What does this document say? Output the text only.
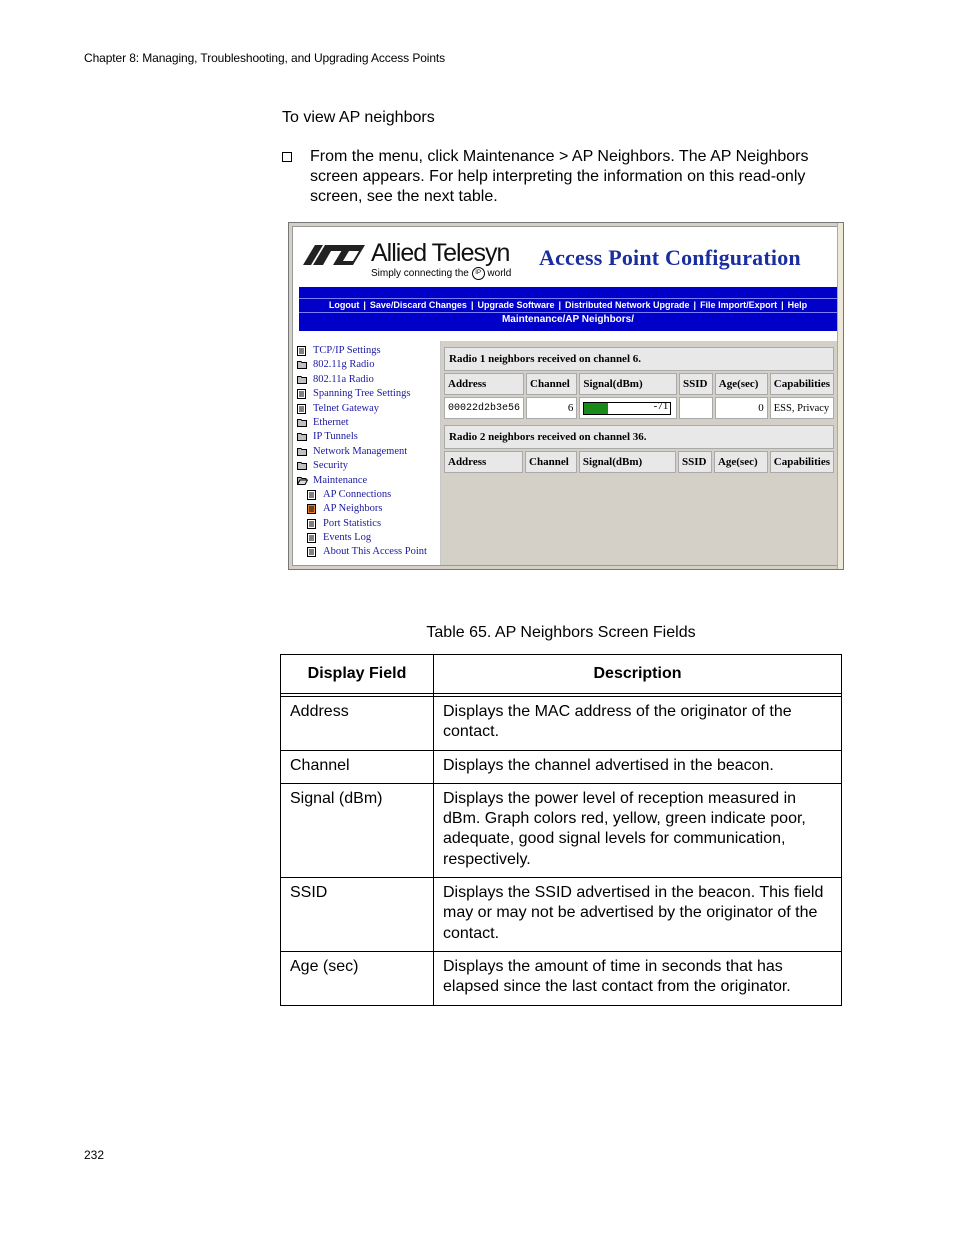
Chapter 8: Managing, Troubleshooting, and Upgrading Access Points
To view AP neighbors
From the menu, click Maintenance > AP Neighbors. The AP Neighbors screen appears. For help interpreting the information on this read-only screen, see the next table.
Allied Telesyn
Simply connecting the IP world
Access Point Configuration
Logout | Save/Discard Changes | Upgrade Software | Distributed Network Upgrade | File Import/Export | Help
Maintenance/AP Neighbors/
TCP/IP Settings
802.11g Radio
802.11a Radio
Spanning Tree Settings
Telnet Gateway
Ethernet
IP Tunnels
Network Management
Security
Maintenance
AP Connections
AP Neighbors
Port Statistics
Events Log
About This Access Point
Radio 1 neighbors received on channel 6.
Address	Channel	Signal(dBm)	SSID	Age(sec)	Capabilities
00022d2b3e56	6	-71		0	ESS, Privacy
Radio 2 neighbors received on channel 36.
Address	Channel	Signal(dBm)	SSID	Age(sec)	Capabilities
Table 65. AP Neighbors Screen Fields
Display Field	Description

Address	Displays the MAC address of the originator of the contact.
Channel	Displays the channel advertised in the beacon.
Signal (dBm)	Displays the power level of reception measured in dBm. Graph colors red, yellow, green indicate poor, adequate, good signal levels for communication, respectively.
SSID	Displays the SSID advertised in the beacon. This field may or may not be advertised by the originator of the contact.
Age (sec)	Displays the amount of time in seconds that has elapsed since the last contact from the originator.
232
